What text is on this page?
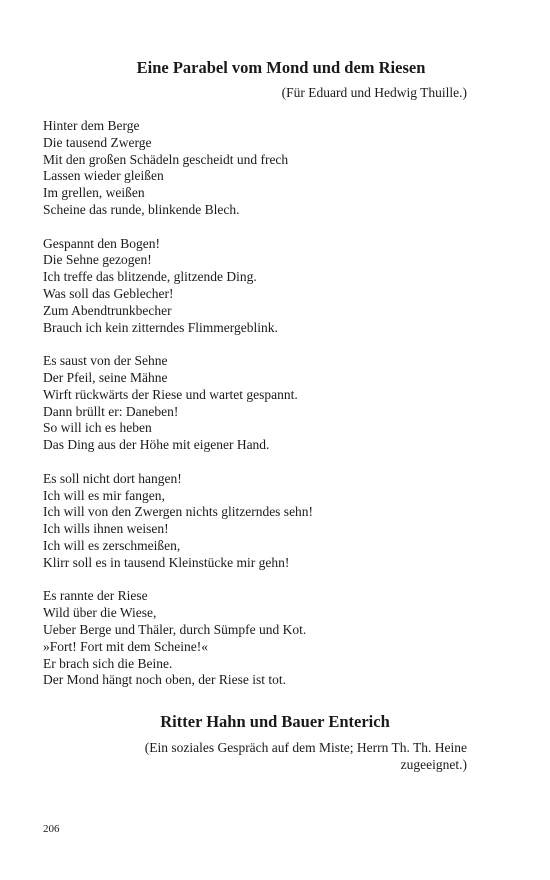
Eine Parabel vom Mond und dem Riesen

(Für Eduard und Hedwig Thuille.)

Hinter dem Berge
Die tausend Zwerge
Mit den großen Schädeln gescheidt und frech
Lassen wieder gleißen
Im grellen, weißen
Scheine das runde, blinkende Blech.
Gespannt den Bogen!
Die Sehne gezogen!
Ich treffe das blitzende, glitzende Ding.
Was soll das Geblecher!
Zum Abendtrunkbecher
Brauch ich kein zitterndes Flimmergeblink.
Es saust von der Sehne
Der Pfeil, seine Mähne
Wirft rückwärts der Riese und wartet gespannt.
Dann brüllt er: Daneben!
So will ich es heben
Das Ding aus der Höhe mit eigener Hand.
Es soll nicht dort hangen!
Ich will es mir fangen,
Ich will von den Zwergen nichts glitzerndes sehn!
Ich wills ihnen weisen!
Ich will es zerschmeißen,
Klirr soll es in tausend Kleinstücke mir gehn!
Es rannte der Riese
Wild über die Wiese,
Ueber Berge und Thäler, durch Sümpfe und Kot.
»Fort! Fort mit dem Scheine!«
Er brach sich die Beine.
Der Mond hängt noch oben, der Riese ist tot.
Ritter Hahn und Bauer Enterich

(Ein soziales Gespräch auf dem Miste; Herrn Th. Th. Heine zugeeignet.)

206
